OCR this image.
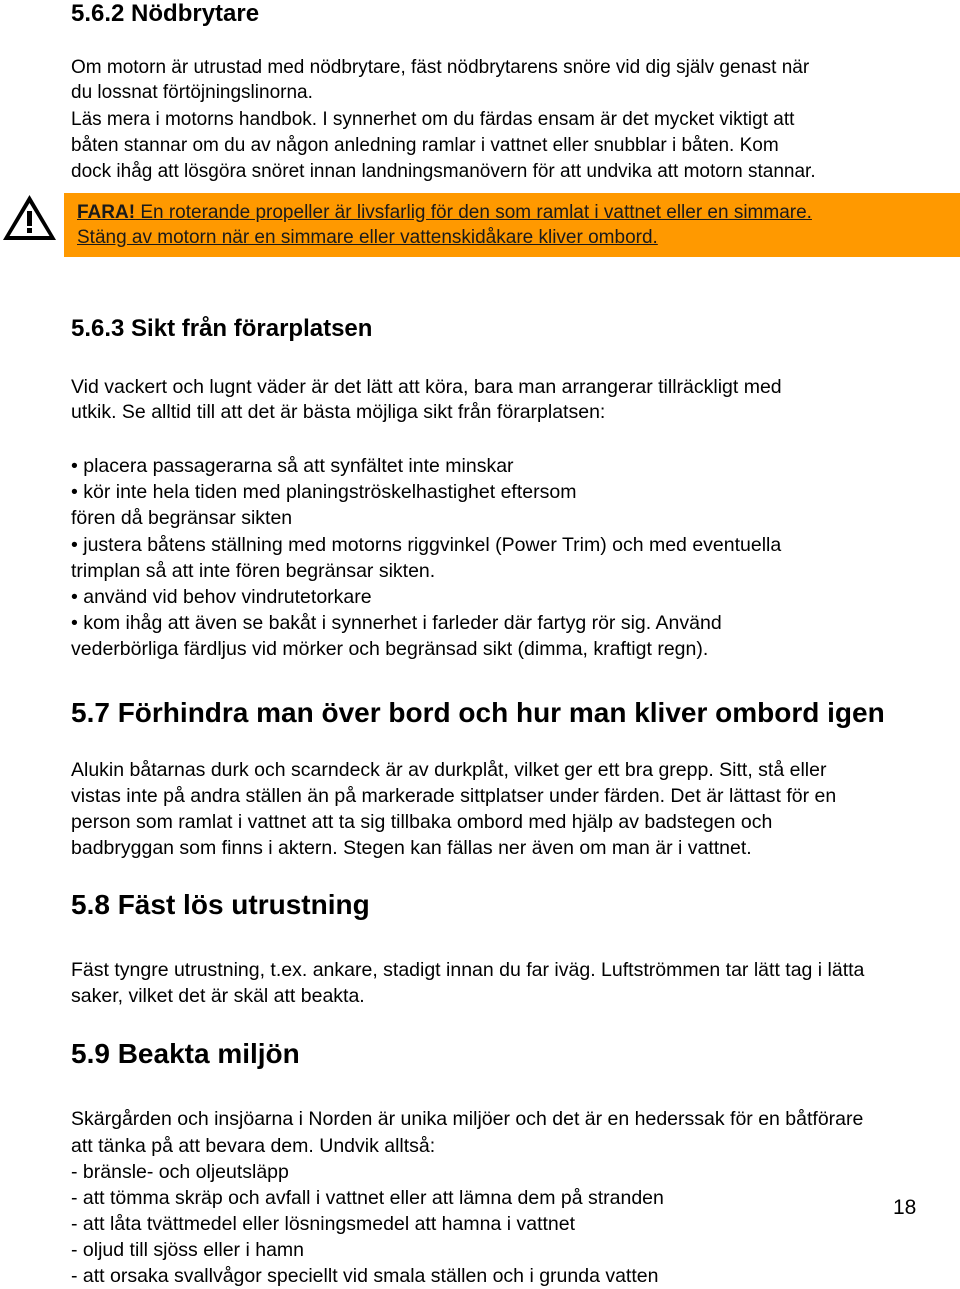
5.6.2 Nödbrytare

Om motorn är utrustad med nödbrytare, fäst nödbrytarens snöre vid dig själv genast när

du lossnat förtöjningslinorna.

Läs mera i motorns handbok. I synnerhet om du färdas ensam är det mycket viktigt att

båten stannar om du av någon anledning ramlar i vattnet eller snubblar i båten. Kom

dock ihåg att lösgöra snöret innan landningsmanövern för att undvika att motorn stannar.

FARA! En roterande propeller är livsfarlig för den som ramlat i vattnet eller en simmare.

Stäng av motorn när en simmare eller vattenskidåkare kliver ombord.

5.6.3 Sikt från förarplatsen

Vid vackert och lugnt väder är det lätt att köra, bara man arrangerar tillräckligt med

utkik. Se alltid till att det är bästa möjliga sikt från förarplatsen:

• placera passagerarna så att synfältet inte minskar

• kör inte hela tiden med planingströskelhastighet eftersom

fören då begränsar sikten

• justera båtens ställning med motorns riggvinkel (Power Trim) och med eventuella

trimplan så att inte fören begränsar sikten.

• använd vid behov vindrutetorkare

• kom ihåg att även se bakåt i synnerhet i farleder där fartyg rör sig. Använd

vederbörliga färdljus vid mörker och begränsad sikt (dimma, kraftigt regn).

5.7 Förhindra man över bord och hur man kliver ombord igen

Alukin båtarnas durk och scarndeck är av durkplåt, vilket ger ett bra grepp. Sitt, stå eller

vistas inte på andra ställen än på markerade sittplatser under färden. Det är lättast för en

person som ramlat i vattnet att ta sig tillbaka ombord med hjälp av badstegen och

badbryggan som finns i aktern. Stegen kan fällas ner även om man är i vattnet.

5.8 Fäst lös utrustning

Fäst tyngre utrustning, t.ex. ankare, stadigt innan du far iväg. Luftströmmen tar lätt tag i lätta

saker, vilket det är skäl att beakta.

5.9 Beakta miljön

Skärgården och insjöarna i Norden är unika miljöer och det är en hederssak för en båtförare

att tänka på att bevara dem. Undvik alltså:

- bränsle- och oljeutsläpp

- att tömma skräp och avfall i vattnet eller att lämna dem på stranden

- att låta tvättmedel eller lösningsmedel att hamna i vattnet

- oljud till sjöss eller i hamn

- att orsaka svallvågor speciellt vid smala ställen och i grunda vatten

18
